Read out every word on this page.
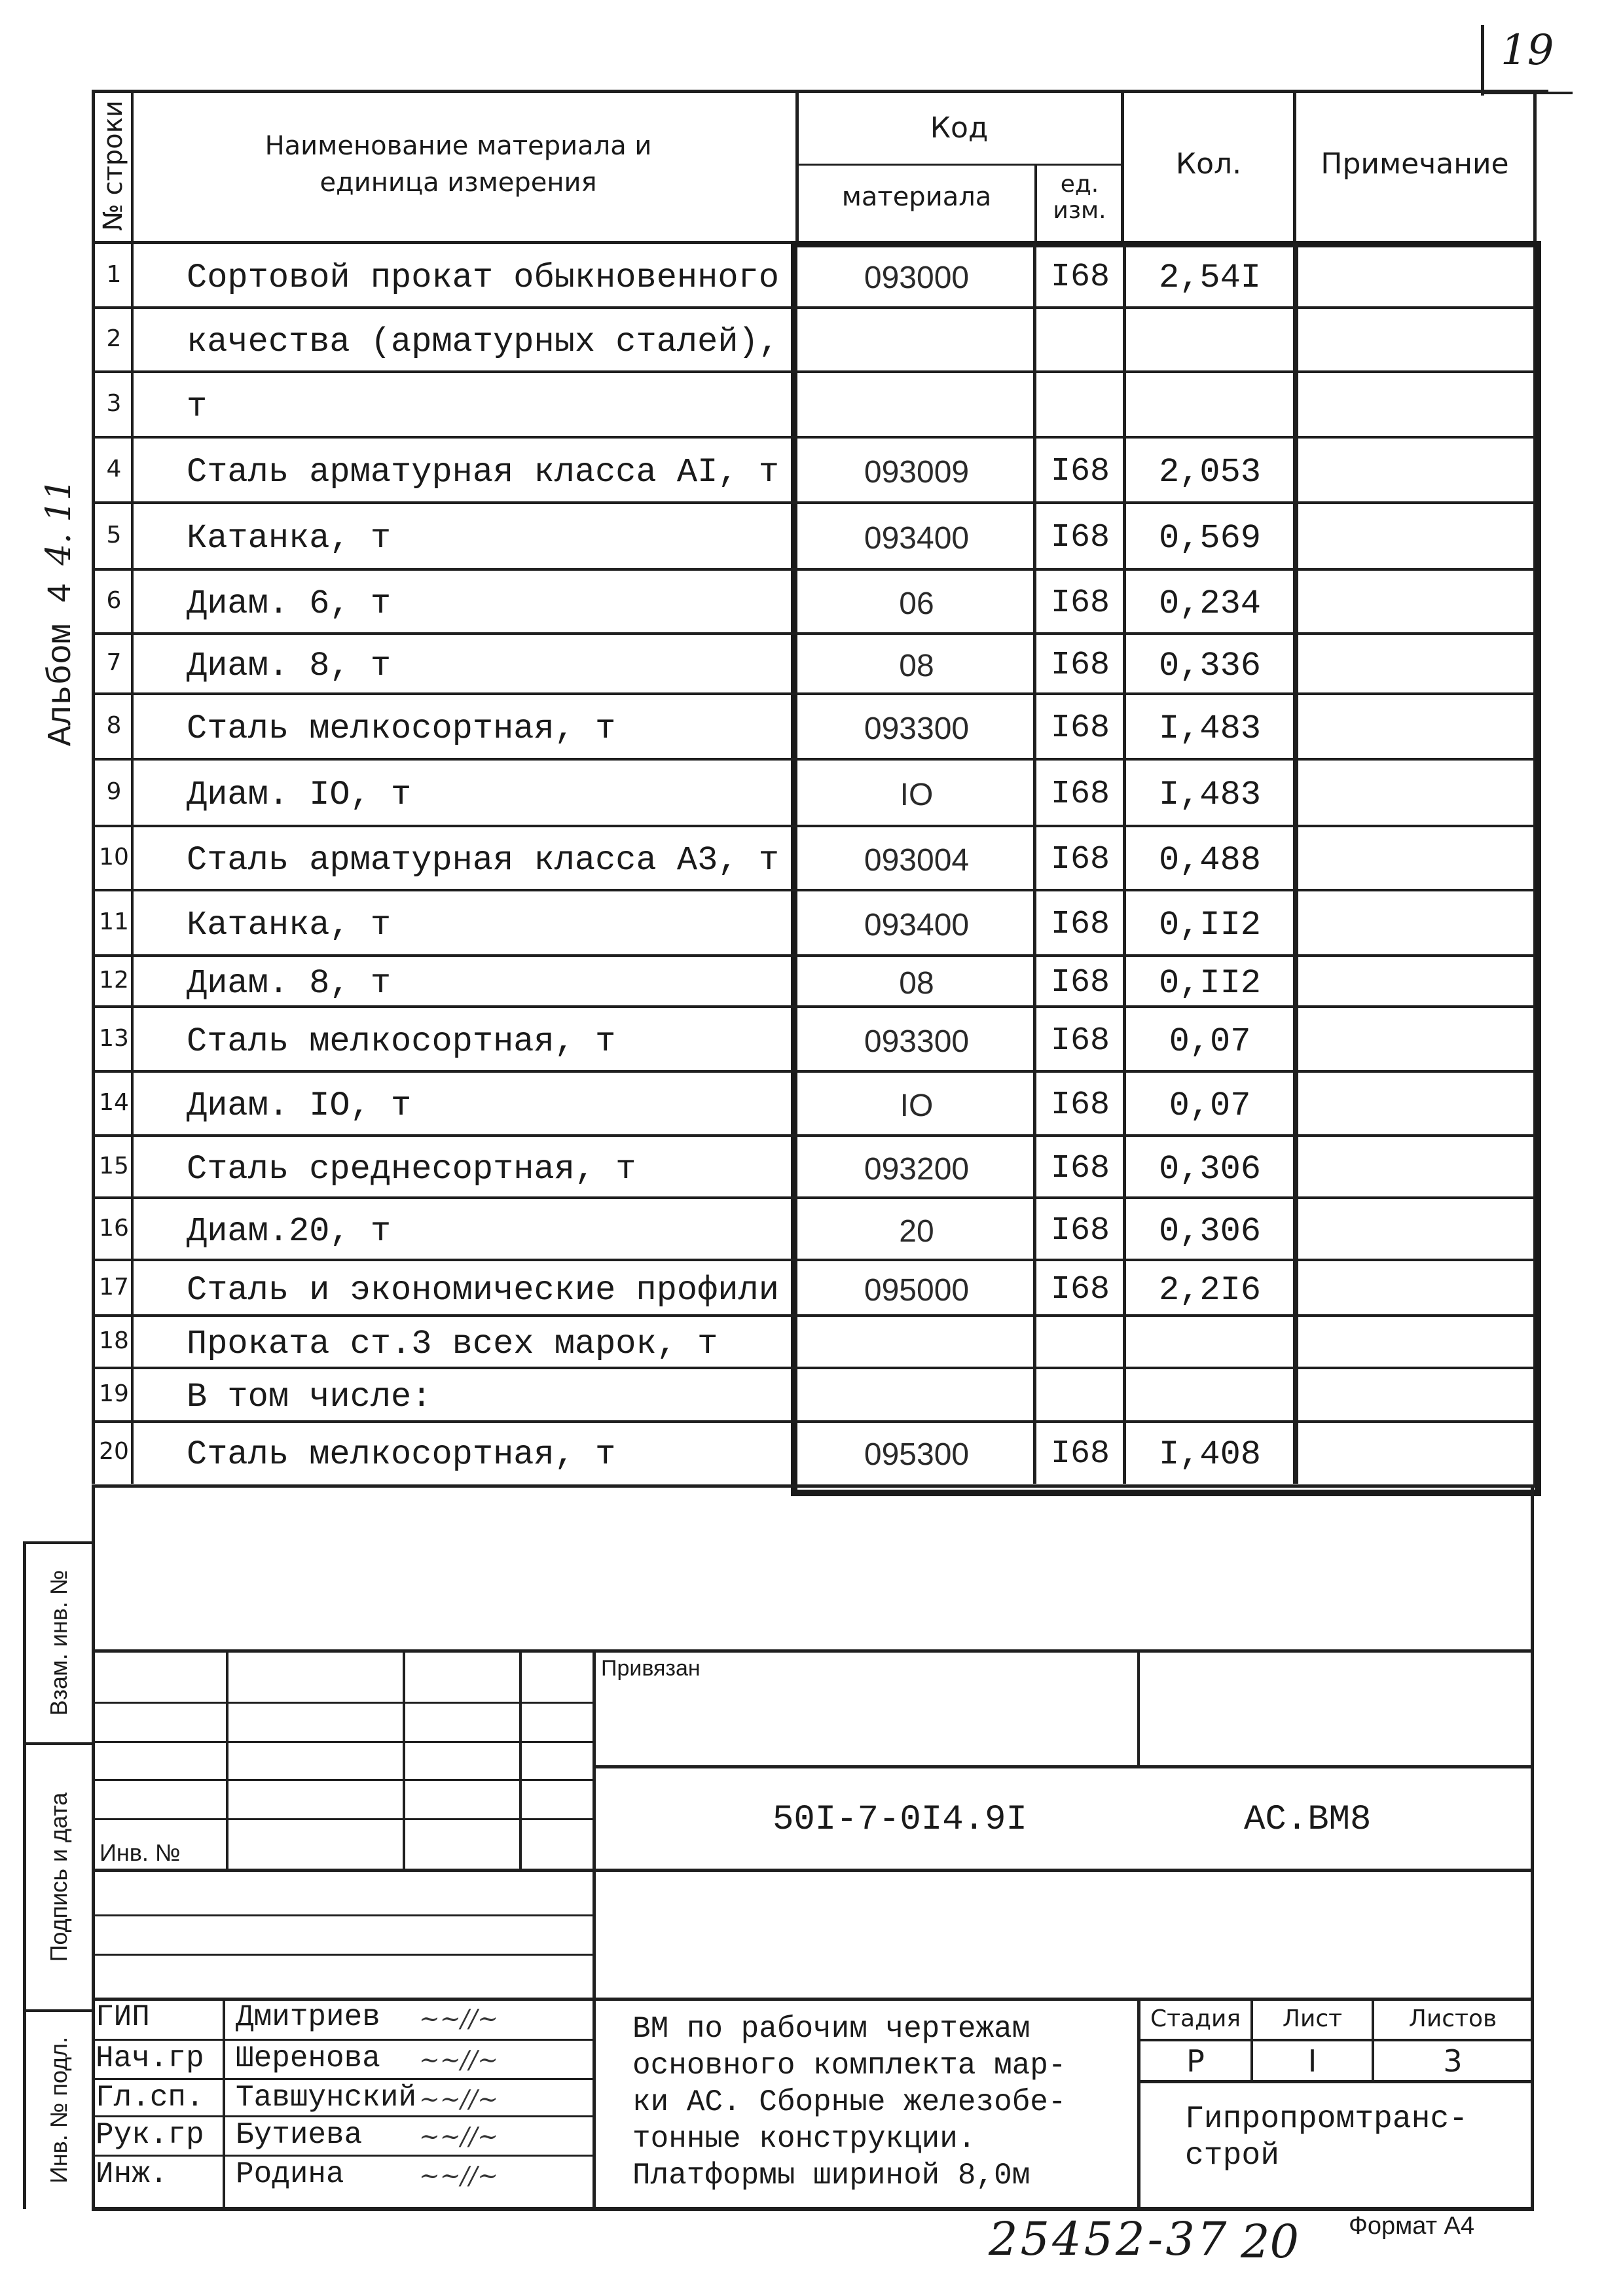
19
Альбом 4 4. 11
№ строки	Наименование материала и единица измерения
Код
материала	ед. изм.
Кол.	Примечание
1 Сортовой прокат обыкновенного	093000	I68	2,54I
2 качества (арматурных сталей),
3 т
4 Сталь арматурная класса AI, т	093009	I68	2,053
5 Катанка, т	093400	I68	0,569
6 Диам. 6, т	06	I68	0,234
7 Диам. 8, т	08	I68	0,336
8 Сталь мелкосортная, т	093300	I68	I,483
9 Диам. IO, т	IO	I68	I,483
10 Сталь арматурная класса А3, т	093004	I68	0,488
11 Катанка, т	093400	I68	0,II2
12 Диам. 8, т	08	I68	0,II2
13 Сталь мелкосортная, т	093300	I68	0,07
14 Диам. IO, т	IO	I68	0,07
15 Сталь среднесортная, т	093200	I68	0,306
16 Диам.20, т	20	I68	0,306
17 Сталь и экономические профили	095000	I68	2,2I6
18 Проката ст.3 всех марок, т
19 В том числе:
20 Сталь мелкосортная, т	095300	I68	I,408
Взам. инв. №
Подпись и дата
Инв. № подл.
Инв. №
Привязан
50I-7-0I4.9I	АС.ВМ8
ГИП	Дмитриев ~~∕∕~
Нач.гр Шеренова ~~∕∕~
Гл.сп. Тавшунский ~~∕∕~
Рук.гр Бутиева ~~∕∕~
Инж. Родина	~~∕∕~
ВМ по рабочим чертежам
основного комплекта мар-
ки АС. Сборные железобе-
тонные конструкции.
Платформы шириной 8,0м
Стадия	Лист	Листов
Р	I	3
Гипропромтранс-
строй
25452-37 20 Формат А4
